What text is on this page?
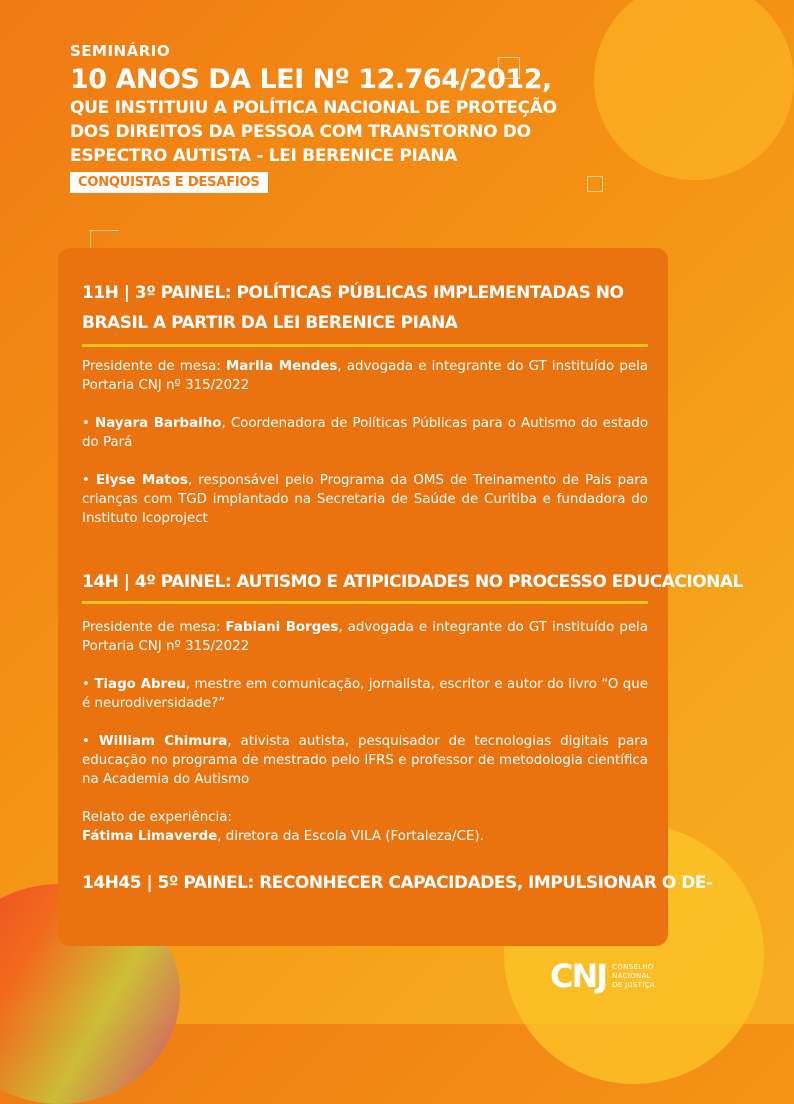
SEMINÁRIO
10 ANOS DA LEI Nº 12.764/2012,
QUE INSTITUIU A POLÍTICA NACIONAL DE PROTEÇÃO
DOS DIREITOS DA PESSOA COM TRANSTORNO DO
ESPECTRO AUTISTA - LEI BERENICE PIANA
CONQUISTAS E DESAFIOS
11H | 3º PAINEL: POLÍTICAS PÚBLICAS IMPLEMENTADAS NO BRASIL A PARTIR DA LEI BERENICE PIANA
Presidente de mesa: Marlla Mendes, advogada e integrante do GT instituído pela Portaria CNJ nº 315/2022
• Nayara Barbalho, Coordenadora de Políticas Públicas para o Autismo do estado do Pará
• Elyse Matos, responsável pelo Programa da OMS de Treinamento de Pais para crianças com TGD implantado na Secretaria de Saúde de Curitiba e fundadora do Instituto Icoproject
14H | 4º PAINEL: AUTISMO E ATIPICIDADES NO PROCESSO EDUCACIONAL
Presidente de mesa: Fabiani Borges, advogada e integrante do GT instituído pela Portaria CNJ nº 315/2022
• Tiago Abreu, mestre em comunicação, jornalista, escritor e autor do livro “O que é neurodiversidade?”
• William Chimura, ativista autista, pesquisador de tecnologias digitais para educação no programa de mestrado pelo IFRS e professor de metodologia científica na Academia do Autismo
Relato de experiência:
Fátima Limaverde, diretora da Escola VILA (Fortaleza/CE).
14H45 | 5º PAINEL: RECONHECER CAPACIDADES, IMPULSIONAR O DE-
CNJ CONSELHO
NACIONAL
DE JUSTIÇA
